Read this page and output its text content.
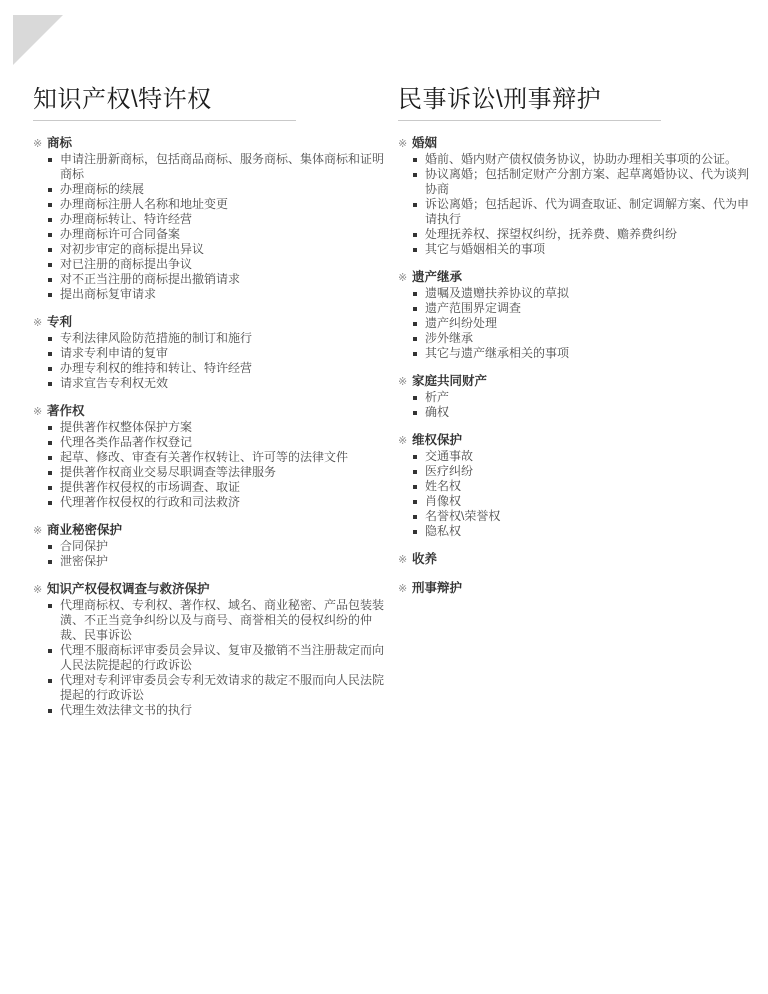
知识产权\特许权
※ 商标
申请注册新商标，包括商品商标、服务商标、集体商标和证明商标
办理商标的续展
办理商标注册人名称和地址变更
办理商标转让、特许经营
办理商标许可合同备案
对初步审定的商标提出异议
对已注册的商标提出争议
对不正当注册的商标提出撤销请求
提出商标复审请求
※ 专利
专利法律风险防范措施的制订和施行
请求专利申请的复审
办理专利权的维持和转让、特许经营
请求宣告专利权无效
※ 著作权
提供著作权整体保护方案
代理各类作品著作权登记
起草、修改、审查有关著作权转让、许可等的法律文件
提供著作权商业交易尽职调查等法律服务
提供著作权侵权的市场调查、取证
代理著作权侵权的行政和司法救济
※ 商业秘密保护
合同保护
泄密保护
※ 知识产权侵权调查与救济保护
代理商标权、专利权、著作权、域名、商业秘密、产品包装装潢、不正当竞争纠纷以及与商号、商誉相关的侵权纠纷的仲裁、民事诉讼
代理不服商标评审委员会异议、复审及撤销不当注册裁定而向人民法院提起的行政诉讼
代理对专利评审委员会专利无效请求的裁定不服而向人民法院提起的行政诉讼
代理生效法律文书的执行
民事诉讼\刑事辩护
※ 婚姻
婚前、婚内财产债权债务协议，协助办理相关事项的公证。
协议离婚；包括制定财产分割方案、起草离婚协议、代为谈判协商
诉讼离婚；包括起诉、代为调查取证、制定调解方案、代为申请执行
处理抚养权、探望权纠纷，抚养费、赡养费纠纷
其它与婚姻相关的事项
※ 遗产继承
遗嘱及遗赠扶养协议的草拟
遗产范围界定调查
遗产纠纷处理
涉外继承
其它与遗产继承相关的事项
※ 家庭共同财产
析产
确权
※ 维权保护
交通事故
医疗纠纷
姓名权
肖像权
名誉权\荣誉权
隐私权
※ 收养
※ 刑事辩护
